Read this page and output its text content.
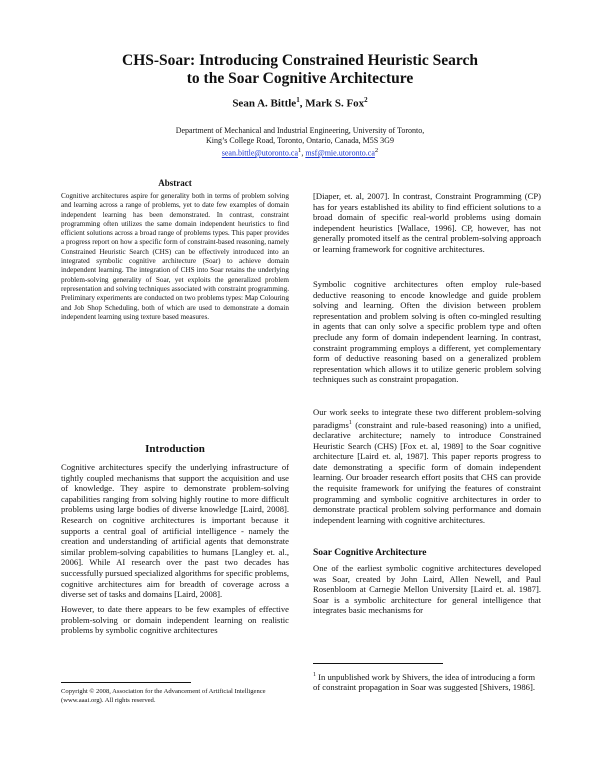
CHS-Soar: Introducing Constrained Heuristic Search
to the Soar Cognitive Architecture
Sean A. Bittle$^1$, Mark S. Fox$^2$
Department of Mechanical and Industrial Engineering, University of Toronto,
King’s College Road, Toronto, Ontario, Canada, M5S 3G9
$sean.bittle@utoronto.ca^1$, $msf@mie.utoronto.ca^2$
Abstract
Cognitive architectures aspire for generality both in terms of problem solving and learning across a range of problems, yet to date few examples of domain independent learning has been demonstrated. In contrast, constraint programming often utilizes the same domain independent heuristics to find efficient solutions across a broad range of problems types. This paper provides a progress report on how a specific form of constraint-based reasoning, namely Constrained Heuristic Search (CHS) can be effectively introduced into an integrated symbolic cognitive architecture (Soar) to achieve domain independent learning. The integration of CHS into Soar retains the underlying problem-solving generality of Soar, yet exploits the generalized problem representation and solving techniques associated with constraint programming. Preliminary experiments are conducted on two problems types: Map Colouring and Job Shop Scheduling, both of which are used to demonstrate a domain independent learning using texture based measures.
Introduction
Cognitive architectures specify the underlying infrastructure of tightly coupled mechanisms that support the acquisition and use of knowledge. They aspire to demonstrate problem-solving capabilities ranging from solving highly routine to more difficult problems using large bodies of diverse knowledge [Laird, 2008]. Research on cognitive architectures is important because it supports a central goal of artificial intelligence - namely the creation and understanding of artificial agents that demonstrate similar problem-solving capabilities to humans [Langley et. al., 2006]. While AI research over the past two decades has successfully pursued specialized algorithms for specific problems, cognitive architectures aim for breadth of coverage across a diverse set of tasks and domains [Laird, 2008].
However, to date there appears to be few examples of effective problem-solving or domain independent learning on realistic problems by symbolic cognitive architectures
Copyright © 2008, Association for the Advancement of Artificial Intelligence (www.aaai.org). All rights reserved.
[Diaper, et. al, 2007]. In contrast, Constraint Programming (CP) has for years established its ability to find efficient solutions to a broad domain of specific real-world problems using domain independent heuristics [Wallace, 1996]. CP, however, has not generally promoted itself as the central problem-solving approach or learning framework for cognitive architectures.
Symbolic cognitive architectures often employ rule-based deductive reasoning to encode knowledge and guide problem solving and learning. Often the division between problem representation and problem solving is often co-mingled resulting in agents that can only solve a specific problem type and often preclude any form of domain independent learning. In contrast, constraint programming employs a different, yet complementary form of deductive reasoning based on a generalized problem representation which allows it to utilize generic problem solving techniques such as constraint propagation.
Our work seeks to integrate these two different problem-solving paradigms$^1$ (constraint and rule-based reasoning) into a unified, declarative architecture; namely to introduce Constrained Heuristic Search (CHS) [Fox et. al, 1989] to the Soar cognitive architecture [Laird et. al, 1987]. This paper reports progress to date demonstrating a specific form of domain independent learning. Our broader research effort posits that CHS can provide the requisite framework for unifying the features of constraint programming and symbolic cognitive architectures in order to demonstrate practical problem solving performance and domain independent learning with cognitive architectures.
Soar Cognitive Architecture
One of the earliest symbolic cognitive architectures developed was Soar, created by John Laird, Allen Newell, and Paul Rosenbloom at Carnegie Mellon University [Laird et. al. 1987]. Soar is a symbolic architecture for general intelligence that integrates basic mechanisms for
$^1$ In unpublished work by Shivers, the idea of introducing a form of constraint propagation in Soar was suggested [Shivers, 1986].
